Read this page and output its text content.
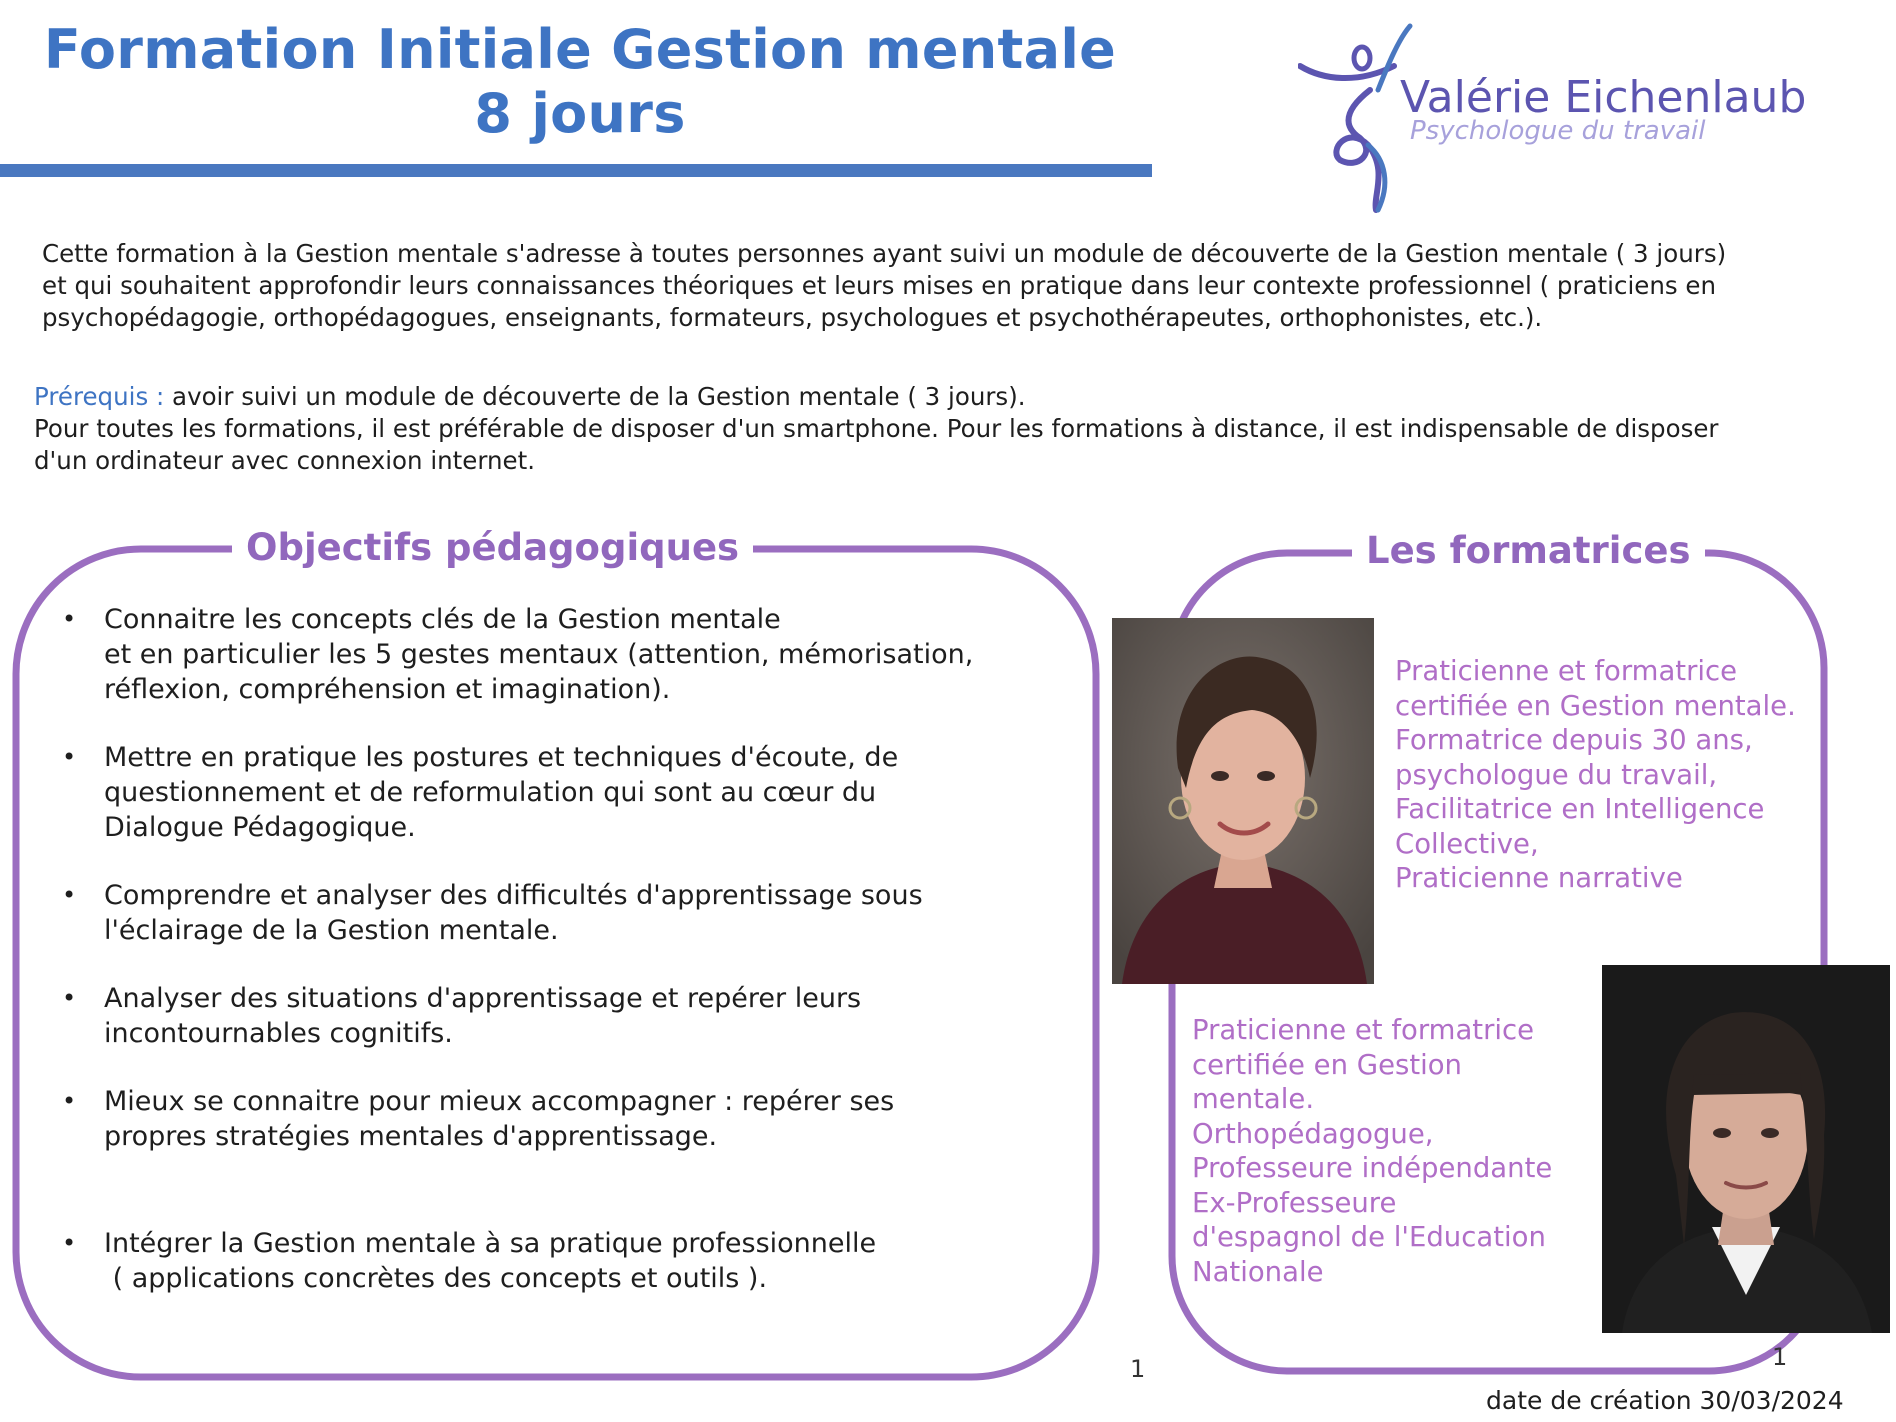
Formation Initiale Gestion mentale
8 jours	Valérie Eichenlaub
Psychologue du travail
Cette formation à la Gestion mentale s'adresse à toutes personnes ayant suivi un module de découverte de la Gestion mentale ( 3 jours)
et qui souhaitent approfondir leurs connaissances théoriques et leurs mises en pratique dans leur contexte professionnel ( praticiens en
psychopédagogie, orthopédagogues, enseignants, formateurs, psychologues et psychothérapeutes, orthophonistes, etc.).
Prérequis : avoir suivi un module de découverte de la Gestion mentale ( 3 jours).
Pour toutes les formations, il est préférable de disposer d'un smartphone. Pour les formations à distance, il est indispensable de disposer
d'un ordinateur avec connexion internet.
Objectifs pédagogiques
• Connaitre les concepts clés de la Gestion mentale
et en particulier les 5 gestes mentaux (attention, mémorisation,
réflexion, compréhension et imagination).
• Mettre en pratique les postures et techniques d'écoute, de
questionnement et de reformulation qui sont au cœur du
Dialogue Pédagogique.
• Comprendre et analyser des difficultés d'apprentissage sous
l'éclairage de la Gestion mentale.
• Analyser des situations d'apprentissage et repérer leurs
incontournables cognitifs.
• Mieux se connaitre pour mieux accompagner : repérer ses
propres stratégies mentales d'apprentissage.
• Intégrer la Gestion mentale à sa pratique professionnelle
( applications concrètes des concepts et outils ).
Les formatrices
Praticienne et formatrice
certifiée en Gestion mentale.
Formatrice depuis 30 ans,
psychologue du travail,
Facilitatrice en Intelligence
Collective,
Praticienne narrative
Praticienne et formatrice
certifiée en Gestion
mentale.
Orthopédagogue,
Professeure indépendante
Ex-Professeure
d'espagnol de l'Education
Nationale
1	1
date de création 30/03/2024
